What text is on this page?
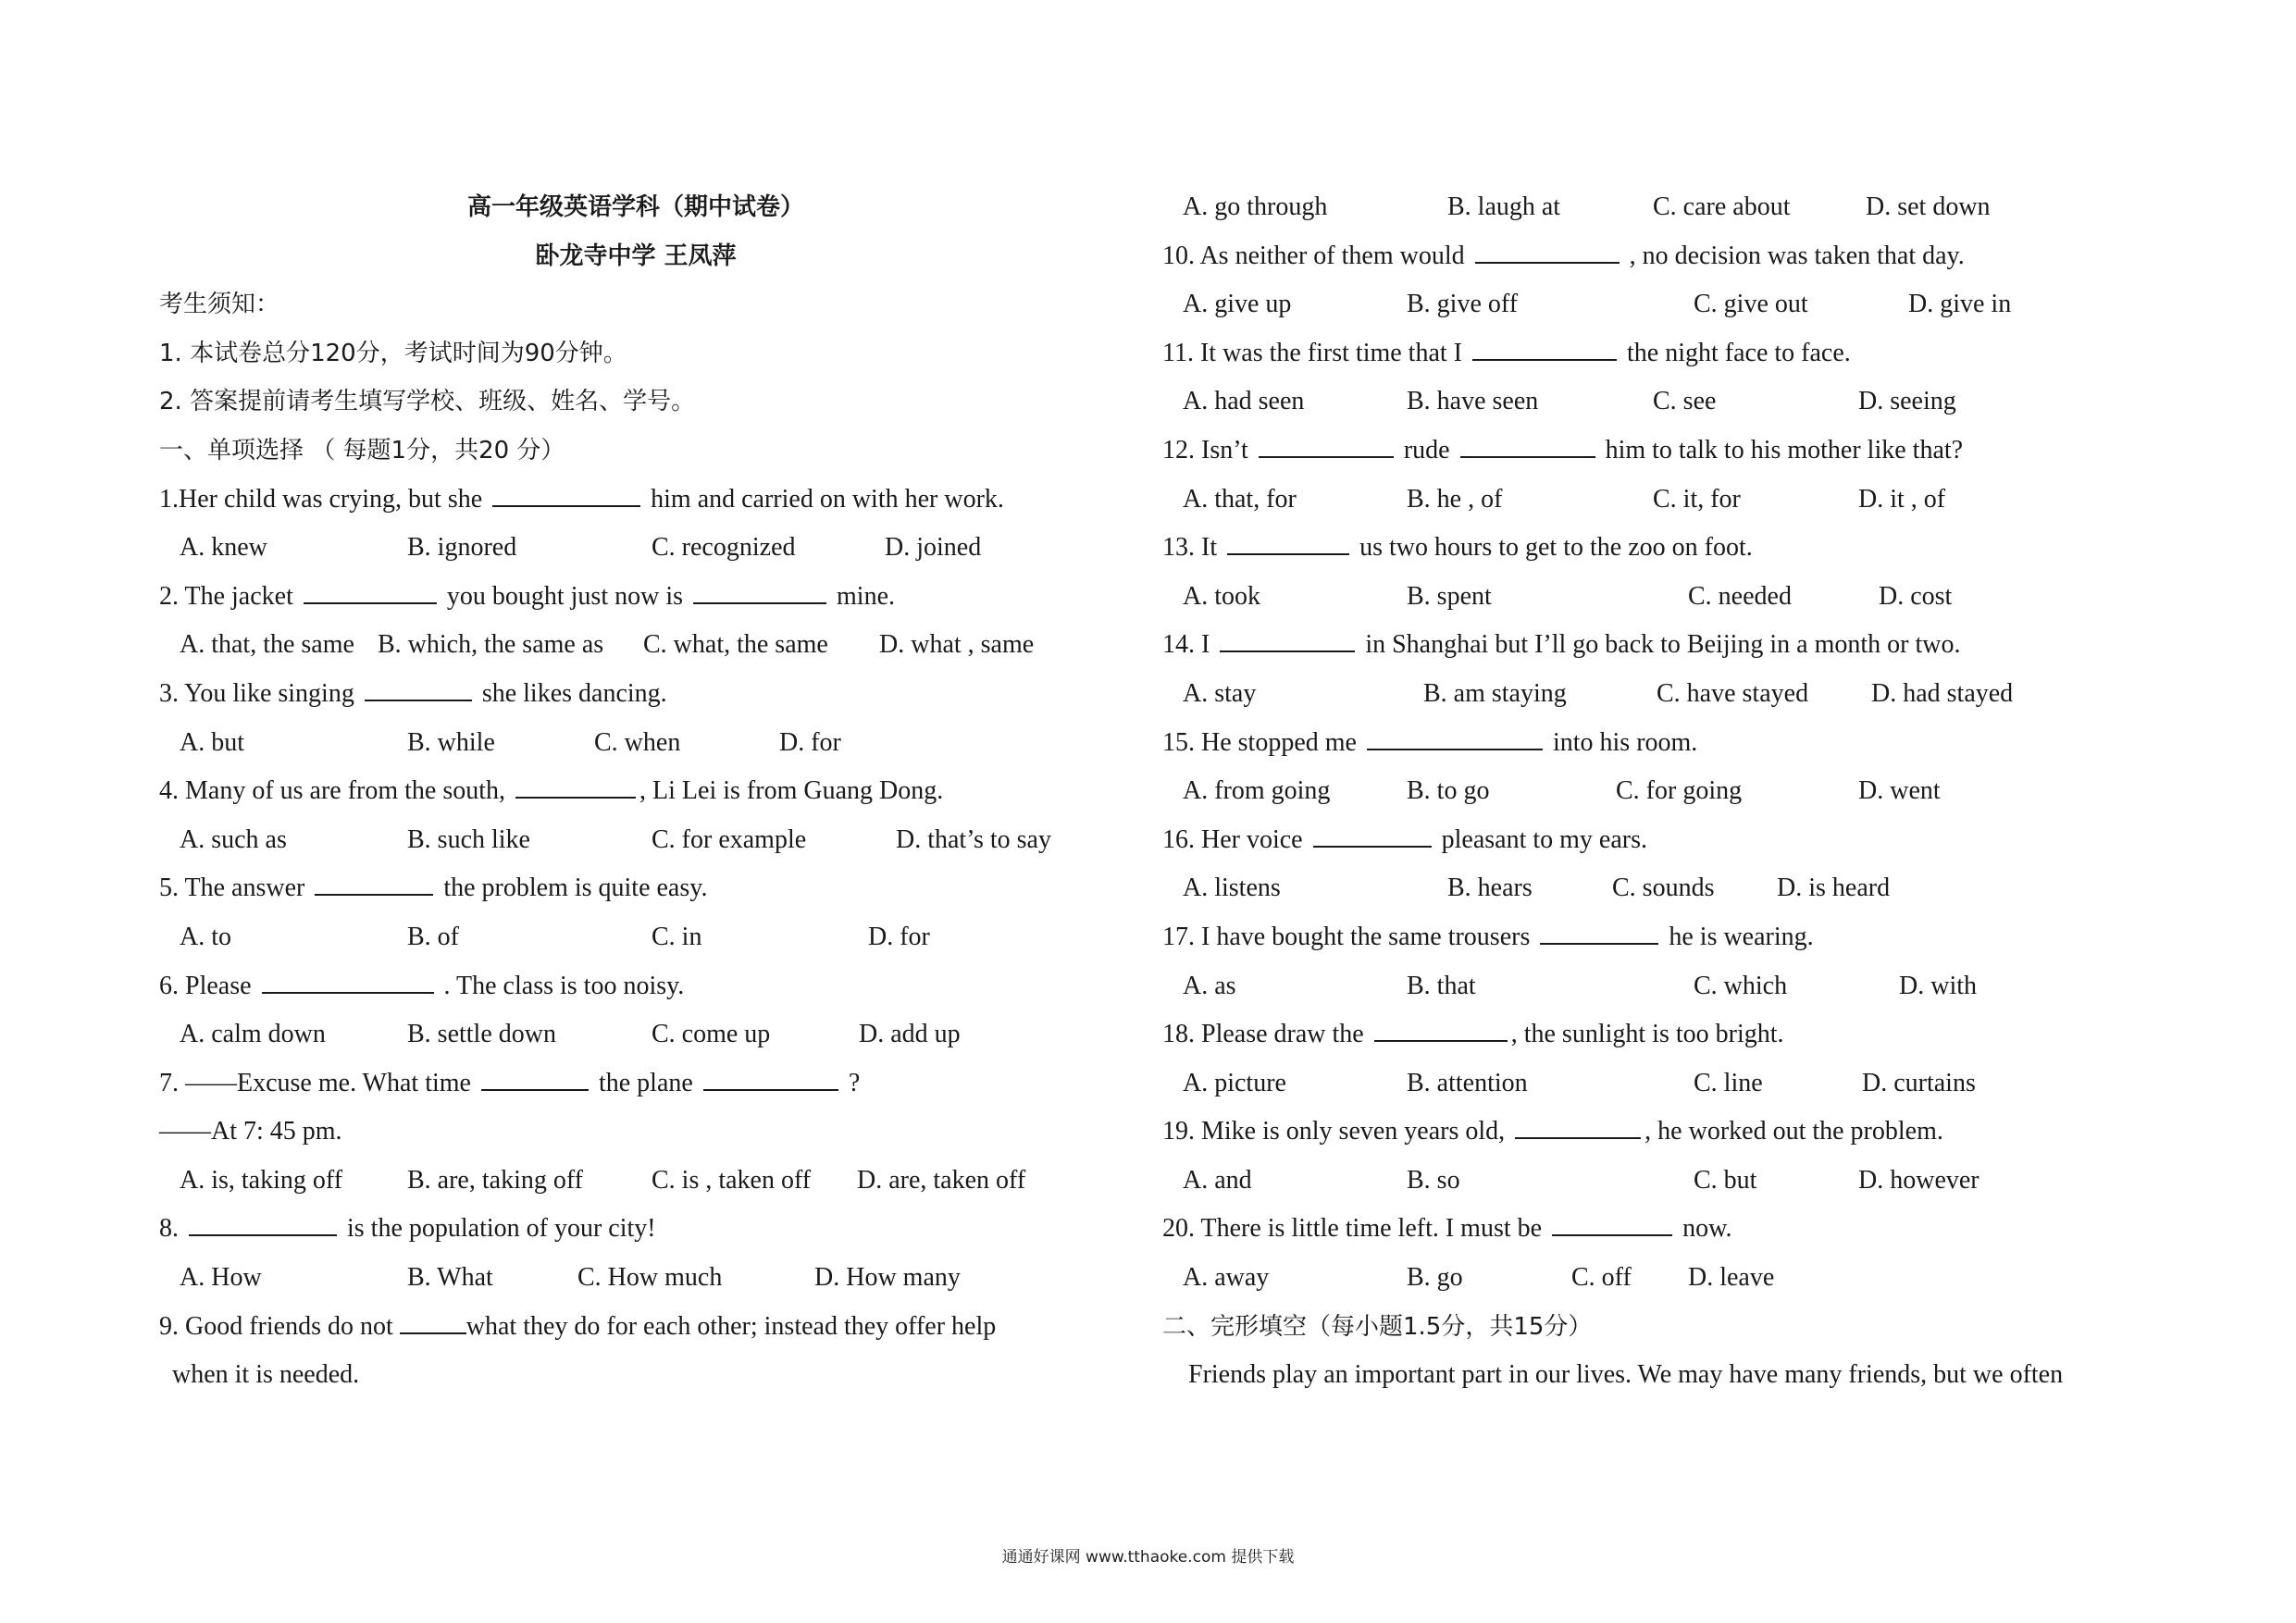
高一年级英语学科（期中试卷）
卧龙寺中学 王凤萍
考生须知：
1. 本试卷总分120分，考试时间为90分钟。
2. 答案提前请考生填写学校、班级、姓名、学号。
一、单项选择 （ 每题1分，共20 分）
1.Her child was crying, but she	him and carried on with her work.
A. knew	B. ignored	C. recognized	D. joined
2. The jacket	you bought just now is	mine.
A. that, the same B. which, the same as C. what, the same D. what , same
3. You like singing	she likes dancing.
A. but	B. while	C. when	D. for
4. Many of us are from the south,	, Li Lei is from Guang Dong.
A. such as	B. such like	C. for example	D. that’s to say
5. The answer	the problem is quite easy.
A. to	B. of	C. in	D. for
6. Please	. The class is too noisy.
A. calm down	B. settle down	C. come up	D. add up
7. ——Excuse me. What time	the plane	?
——At 7: 45 pm.
A. is, taking off B. are, taking off	C. is , taken off D. are, taken off
8.	is the population of your city!
A. How	B. What	C. How much	D. How many
9. Good friends do not	what they do for each other; instead they offer help
when it is needed.
A. go through	B. laugh at	C. care about	D. set down
10. As neither of them would	, no decision was taken that day.
A. give up	B. give off	C. give out	D. give in
11. It was the first time that I	the night face to face.
A. had seen	B. have seen	C. see	D. seeing
12. Isn’t	rude	him to talk to his mother like that?
A. that, for	B. he , of	C. it, for	D. it , of
13. It	us two hours to get to the zoo on foot.
A. took	B. spent	C. needed	D. cost
14. I	in Shanghai but I’ll go back to Beijing in a month or two.
A. stay	B. am staying	C. have stayed D. had stayed
15. He stopped me	into his room.
A. from going	B. to go	C. for going	D. went
16. Her voice	pleasant to my ears.
A. listens	B. hears	C. sounds D. is heard
17. I have bought the same trousers	he is wearing.
A. as	B. that	C. which	D. with
18. Please draw the	, the sunlight is too bright.
A. picture	B. attention	C. line	D. curtains
19. Mike is only seven years old,	, he worked out the problem.
A. and	B. so	C. but	D. however
20. There is little time left. I must be	now.
A. away	B. go	C. off D. leave
二、完形填空（每小题1.5分，共15分）
Friends play an important part in our lives. We may have many friends, but we often
通通好课网 www.tthaoke.com 提供下载
